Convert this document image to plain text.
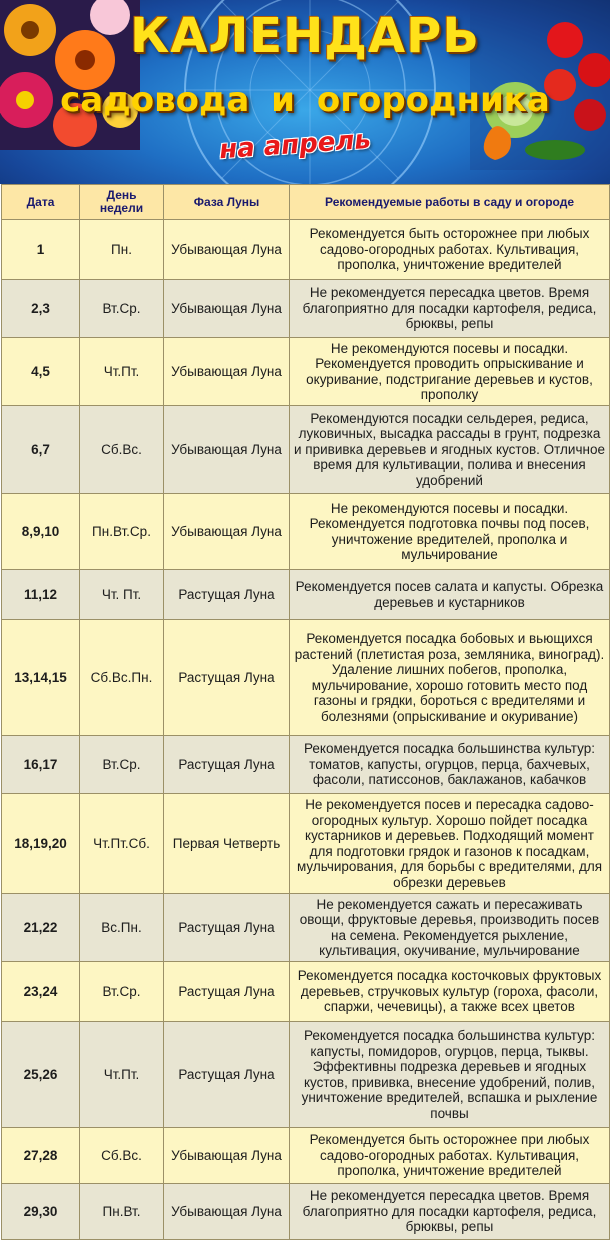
КАЛЕНДАРЬ
садовода и огородника
на апрель
Дата	День недели	Фаза Луны	Рекомендуемые работы в саду и огороде
1	Пн.	Убывающая Луна	Рекомендуется быть осторожнее при любых садово-огородных работах. Культивация, прополка, уничтожение вредителей
2,3	Вт.Ср.	Убывающая Луна	Не рекомендуется пересадка цветов. Время благоприятно для посадки картофеля, редиса, брюквы, репы
4,5	Чт.Пт.	Убывающая Луна	Не рекомендуются посевы и посадки. Рекомендуется проводить опрыскивание и окуривание, подстригание деревьев и кустов, прополку
6,7	Сб.Вс.	Убывающая Луна	Рекомендуются посадки сельдерея, редиса, луковичных, высадка рассады в грунт, подрезка и прививка деревьев и ягодных кустов. Отличное время для культивации, полива и внесения удобрений
8,9,10	Пн.Вт.Ср.	Убывающая Луна	Не рекомендуются посевы и посадки. Рекомендуется подготовка почвы под посев, уничтожение вредителей, прополка и мульчирование
11,12	Чт. Пт.	Растущая Луна	Рекомендуется посев салата и капусты. Обрезка деревьев и кустарников
13,14,15	Сб.Вс.Пн.	Растущая Луна	Рекомендуется посадка бобовых и вьющихся растений (плетистая роза, земляника, виноград). Удаление лишних побегов, прополка, мульчирование, хорошо готовить место под газоны и грядки, бороться с вредителями и болезнями (опрыскивание и окуривание)
16,17	Вт.Ср.	Растущая Луна	Рекомендуется посадка большинства культур: томатов, капусты, огурцов, перца, бахчевых, фасоли, патиссонов, баклажанов, кабачков
18,19,20	Чт.Пт.Сб.	Первая Четверть	Не рекомендуется посев и пересадка садово-огородных культур. Хорошо пойдет посадка кустарников и деревьев. Подходящий момент для подготовки грядок и газонов к посадкам, мульчирования, для борьбы с вредителями, для обрезки деревьев
21,22	Вс.Пн.	Растущая Луна	Не рекомендуется сажать и пересаживать овощи, фруктовые деревья, производить посев на семена. Рекомендуется рыхление, культивация, окучивание, мульчирование
23,24	Вт.Ср.	Растущая Луна	Рекомендуется посадка косточковых фруктовых деревьев, стручковых культур (гороха, фасоли, спаржи, чечевицы), а также всех цветов
25,26	Чт.Пт.	Растущая Луна	Рекомендуется посадка большинства культур: капусты, помидоров, огурцов, перца, тыквы. Эффективны подрезка деревьев и ягодных кустов, прививка, внесение удобрений, полив, уничтожение вредителей, вспашка и рыхление почвы
27,28	Сб.Вс.	Убывающая Луна	Рекомендуется быть осторожнее при любых садово-огородных работах. Культивация, прополка, уничтожение вредителей
29,30	Пн.Вт.	Убывающая Луна	Не рекомендуется пересадка цветов. Время благоприятно для посадки картофеля, редиса, брюквы, репы
